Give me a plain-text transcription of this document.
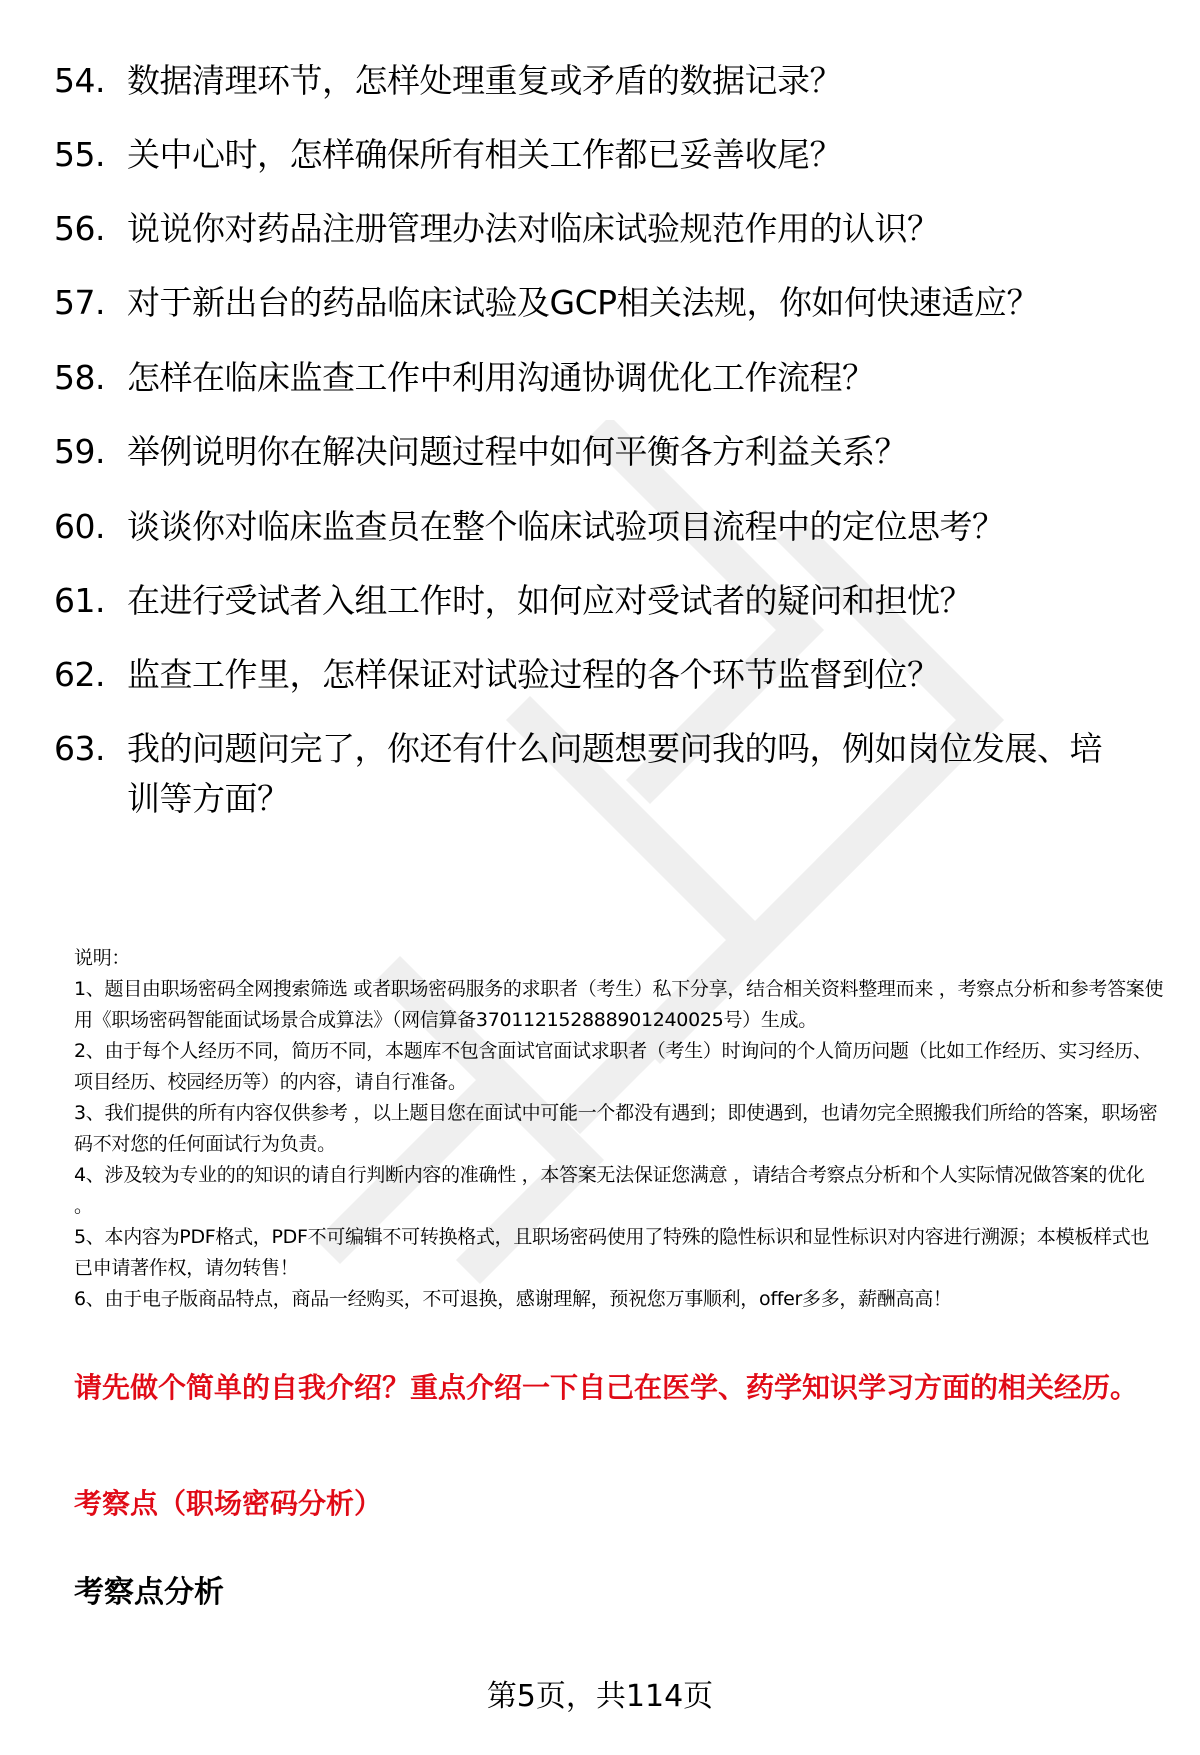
54. 数据清理环节，怎样处理重复或矛盾的数据记录？
55. 关中心时，怎样确保所有相关工作都已妥善收尾？
56. 说说你对药品注册管理办法对临床试验规范作用的认识？
57. 对于新出台的药品临床试验及GCP相关法规，你如何快速适应？
58. 怎样在临床监查工作中利用沟通协调优化工作流程？
59. 举例说明你在解决问题过程中如何平衡各方利益关系？
60. 谈谈你对临床监查员在整个临床试验项目流程中的定位思考？
61. 在进行受试者入组工作时，如何应对受试者的疑问和担忧？
62. 监查工作里，怎样保证对试验过程的各个环节监督到位？
63. 我的问题问完了，你还有什么问题想要问我的吗，例如岗位发展、培训等方面？

说明：

1、题目由职场密码全网搜索筛选 或者职场密码服务的求职者（考生）私下分享，结合相关资料整理而来 ，考察点分析和参考答案使用《职场密码智能面试场景合成算法》（网信算备370112152888901240025号）生成。

2、由于每个人经历不同，简历不同，本题库不包含面试官面试求职者（考生）时询问的个人简历问题（比如工作经历、实习经历、项目经历、校园经历等）的内容，请自行准备。

3、我们提供的所有内容仅供参考 ，以上题目您在面试中可能一个都没有遇到；即使遇到，也请勿完全照搬我们所给的答案，职场密码不对您的任何面试行为负责。

4、涉及较为专业的的知识的请自行判断内容的准确性 ，本答案无法保证您满意 ，请结合考察点分析和个人实际情况做答案的优化 。

5、本内容为PDF格式，PDF不可编辑不可转换格式，且职场密码使用了特殊的隐性标识和显性标识对内容进行溯源；本模板样式也已申请著作权，请勿转售！

6、由于电子版商品特点，商品一经购买，不可退换，感谢理解，预祝您万事顺利，offer多多，薪酬高高！

请先做个简单的自我介绍？重点介绍一下自己在医学、药学知识学习方面的相关经历。
考察点（职场密码分析）
考察点分析
第5页，共114页
